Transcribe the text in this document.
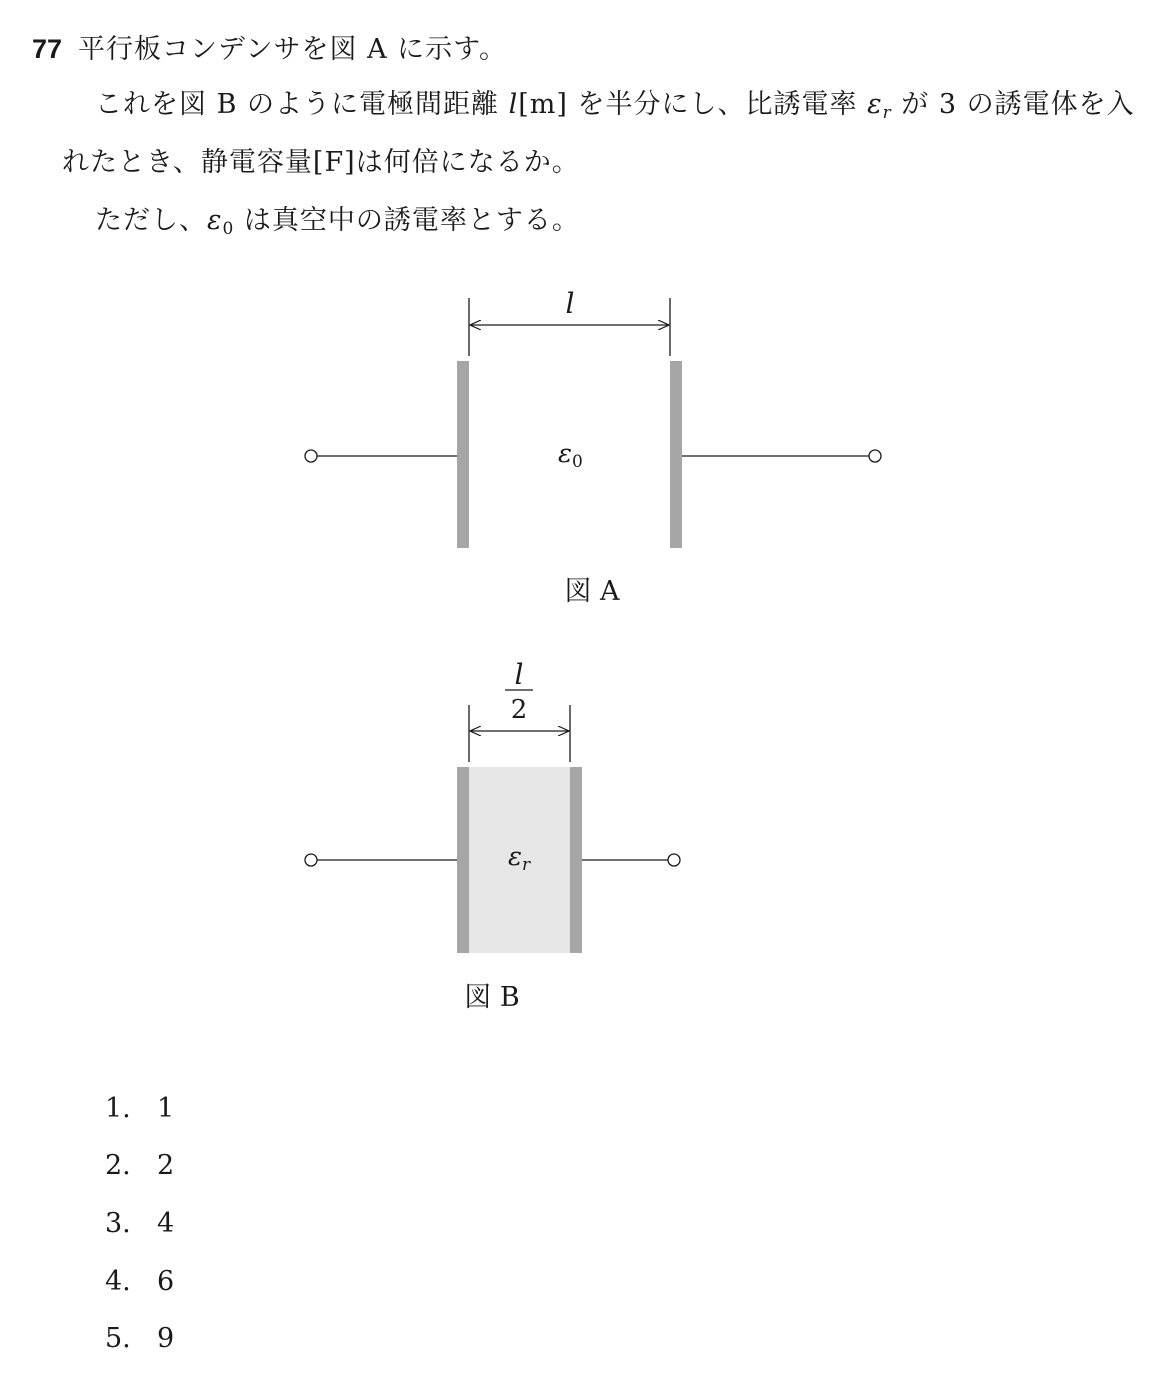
77 平行板コンデンサを図 A に示す。
これを図 B のように電極間距離 l[m] を半分にし、比誘電率 $\varepsilon_r$ が 3 の誘電体を入
れたとき、静電容量[F]は何倍になるか。
ただし、$\varepsilon_0$ は真空中の誘電率とする。
l
ε0
図 A
l
2
εr
図 B
1. 1
2. 2
3. 4
4. 6
5. 9
